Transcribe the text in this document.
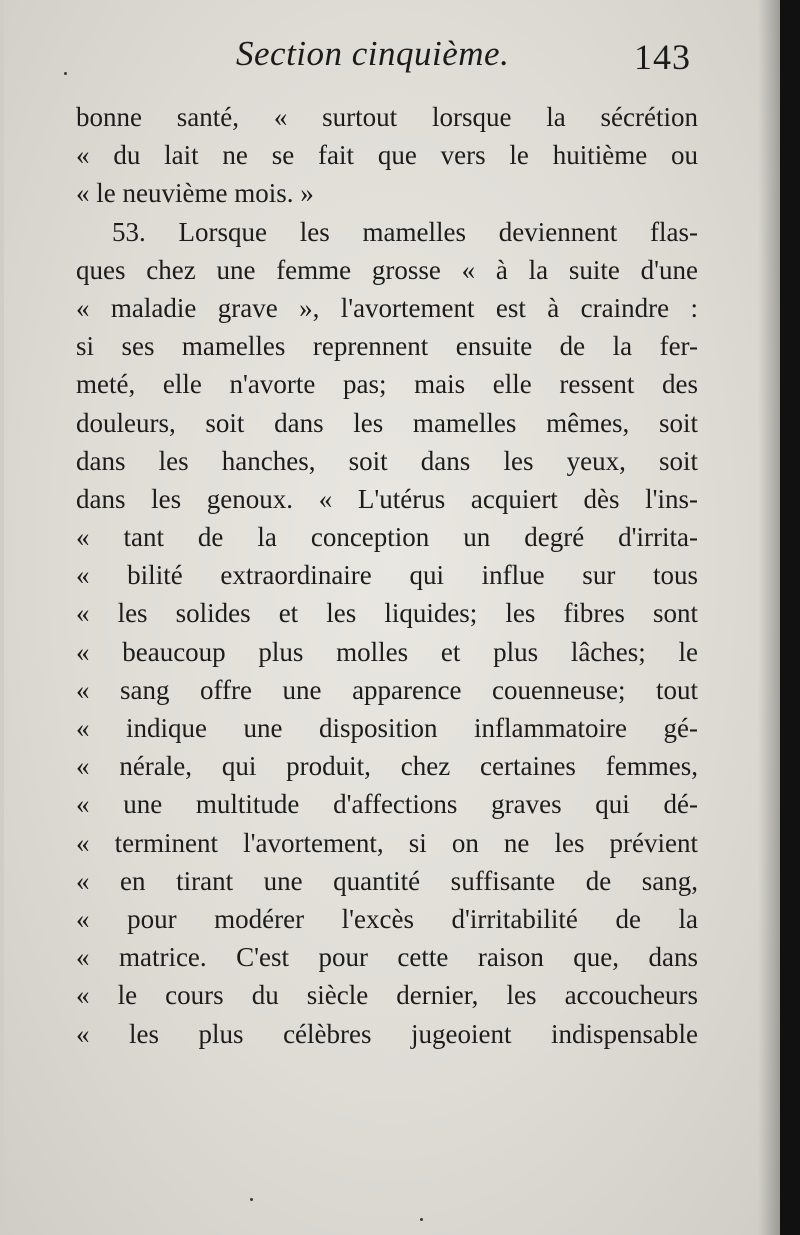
Section cinquième.	143
bonne santé, « surtout lorsque la sécrétion
« du lait ne se fait que vers le huitième ou
« le neuvième mois. »
53. Lorsque les mamelles deviennent flas-
ques chez une femme grosse « à la suite d'une
« maladie grave », l'avortement est à craindre :
si ses mamelles reprennent ensuite de la fer-
meté, elle n'avorte pas; mais elle ressent des
douleurs, soit dans les mamelles mêmes, soit
dans les hanches, soit dans les yeux, soit
dans les genoux. « L'utérus acquiert dès l'ins-
« tant de la conception un degré d'irrita-
« bilité extraordinaire qui influe sur tous
« les solides et les liquides; les fibres sont
« beaucoup plus molles et plus lâches; le
« sang offre une apparence couenneuse; tout
« indique une disposition inflammatoire gé-
« nérale, qui produit, chez certaines femmes,
« une multitude d'affections graves qui dé-
« terminent l'avortement, si on ne les prévient
« en tirant une quantité suffisante de sang,
« pour modérer l'excès d'irritabilité de la
« matrice. C'est pour cette raison que, dans
« le cours du siècle dernier, les accoucheurs
« les plus célèbres jugeoient indispensable
